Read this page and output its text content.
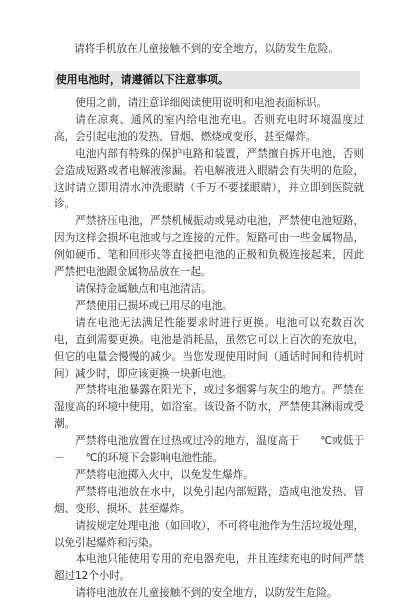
请将手机放在儿童接触不到的安全地方，以防发生危险。
使用电池时，请遵循以下注意事项。

使用之前，请注意详细阅读使用说明和电池表面标识。

请在凉爽、通风的室内给电池充电。否则充电时环境温度过高，会引起电池的发热、冒烟、燃烧或变形，甚至爆炸。

电池内部有特殊的保护电路和装置，严禁擅自拆开电池，否则会造成短路或者电解液渗漏。若电解液进入眼睛会有失明的危险，这时请立即用清水冲洗眼睛（千万不要揉眼睛），并立即到医院就诊。

严禁挤压电池，严禁机械振动或晃动电池，严禁使电池短路，因为这样会损坏电池或与之连接的元件。短路可由一些金属物品，例如硬币、笔和回形夹等直接把电池的正极和负极连接起来，因此严禁把电池跟金属物品放在一起。

请保持金属触点和电池清洁。

严禁使用已损坏或已用尽的电池。

请在电池无法满足性能要求时进行更换。电池可以充数百次电，直到需要更换。电池是消耗品，虽然它可以上百次的充放电，但它的电量会慢慢的减少。当您发现使用时间（通话时间和待机时间）减少时，即应该更换一块新电池。

严禁将电池暴露在阳光下，或过多烟雾与灰尘的地方。严禁在湿度高的环境中使用，如浴室。该设备不防水，严禁使其淋雨或受潮。

严禁将电池放置在过热或过冷的地方，温度高于　　℃或低于－　　℃的环境下会影响电池性能。

严禁将电池掷入火中，以免发生爆炸。

严禁将电池放在水中，以免引起内部短路，造成电池发热、冒烟、变形、损坏、甚至爆炸。

请按规定处理电池（如回收），不可将电池作为生活垃圾处理，以免引起爆炸和污染。

本电池只能使用专用的充电器充电，并且连续充电的时间严禁超过12个小时。

请将电池放在儿童接触不到的安全地方，以防发生危险。
